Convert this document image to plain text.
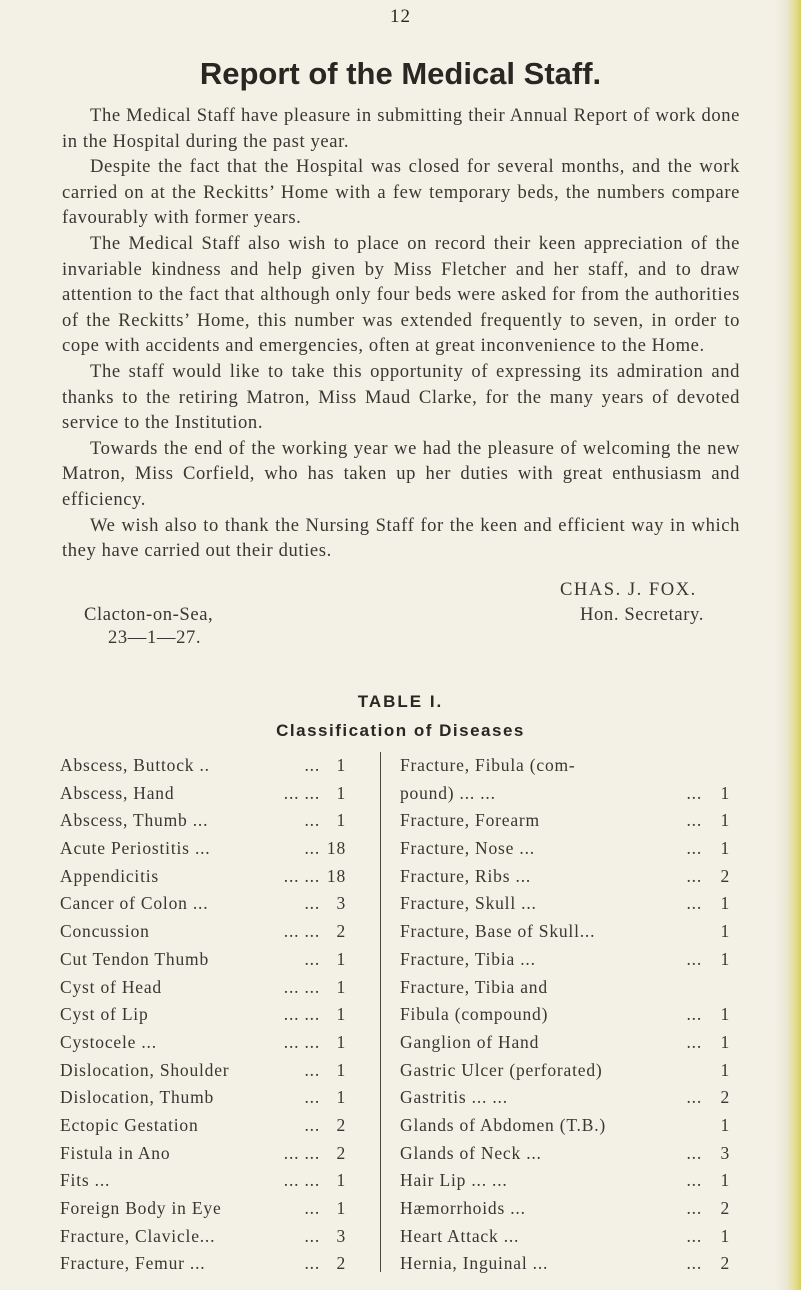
12
Report of the Medical Staff.

The Medical Staff have pleasure in submitting their Annual Report of work done in the Hospital during the past year.

Despite the fact that the Hospital was closed for several months, and the work carried on at the Reckitts’ Home with a few temporary beds, the numbers compare favourably with former years.

The Medical Staff also wish to place on record their keen appreciation of the invariable kindness and help given by Miss Fletcher and her staff, and to draw attention to the fact that although only four beds were asked for from the authorities of the Reckitts’ Home, this number was extended frequently to seven, in order to cope with accidents and emergencies, often at great inconvenience to the Home.

The staff would like to take this opportunity of expressing its admiration and thanks to the retiring Matron, Miss Maud Clarke, for the many years of devoted service to the Institution.

Towards the end of the working year we had the pleasure of welcoming the new Matron, Miss Corfield, who has taken up her duties with great enthusiasm and efficiency.

We wish also to thank the Nursing Staff for the keen and efficient way in which they have carried out their duties.

CHAS. J. FOX.
Clacton-on-Sea,	Hon. Secretary.
23—1—27.
TABLE I.
Classification of Diseases
Abscess, Buttock ..	... 1
Abscess, Hand	... ... 1
Abscess, Thumb ...	... 1
Acute Periostitis ...	... 18
Appendicitis	... ... 18
Cancer of Colon ...	... 3
Concussion	... ... 2
Cut Tendon Thumb	... 1
Cyst of Head	... ... 1
Cyst of Lip	... ... 1
Cystocele ...	... ... 1
Dislocation, Shoulder	... 1
Dislocation, Thumb	... 1
Ectopic Gestation	... 2
Fistula in Ano	... ... 2
Fits ...	... ... 1
Foreign Body in Eye	... 1
Fracture, Clavicle...	... 3
Fracture, Femur ...	... 2
Fracture, Fibula (com-
pound) ... ...	...	1
Fracture, Forearm	...	1
Fracture, Nose ...	...	1
Fracture, Ribs ...	...	2
Fracture, Skull ...	...	1
Fracture, Base of Skull...	1
Fracture, Tibia ...	...	1
Fracture, Tibia and
Fibula (compound)	...	1
Ganglion of Hand	...	1
Gastric Ulcer (perforated)	1
Gastritis ... ...	...	2
Glands of Abdomen (T.B.)	1
Glands of Neck ...	...	3
Hair Lip ... ...	...	1
Hæmorrhoids ...	...	2
Heart Attack ...	...	1
Hernia, Inguinal ...	...	2
